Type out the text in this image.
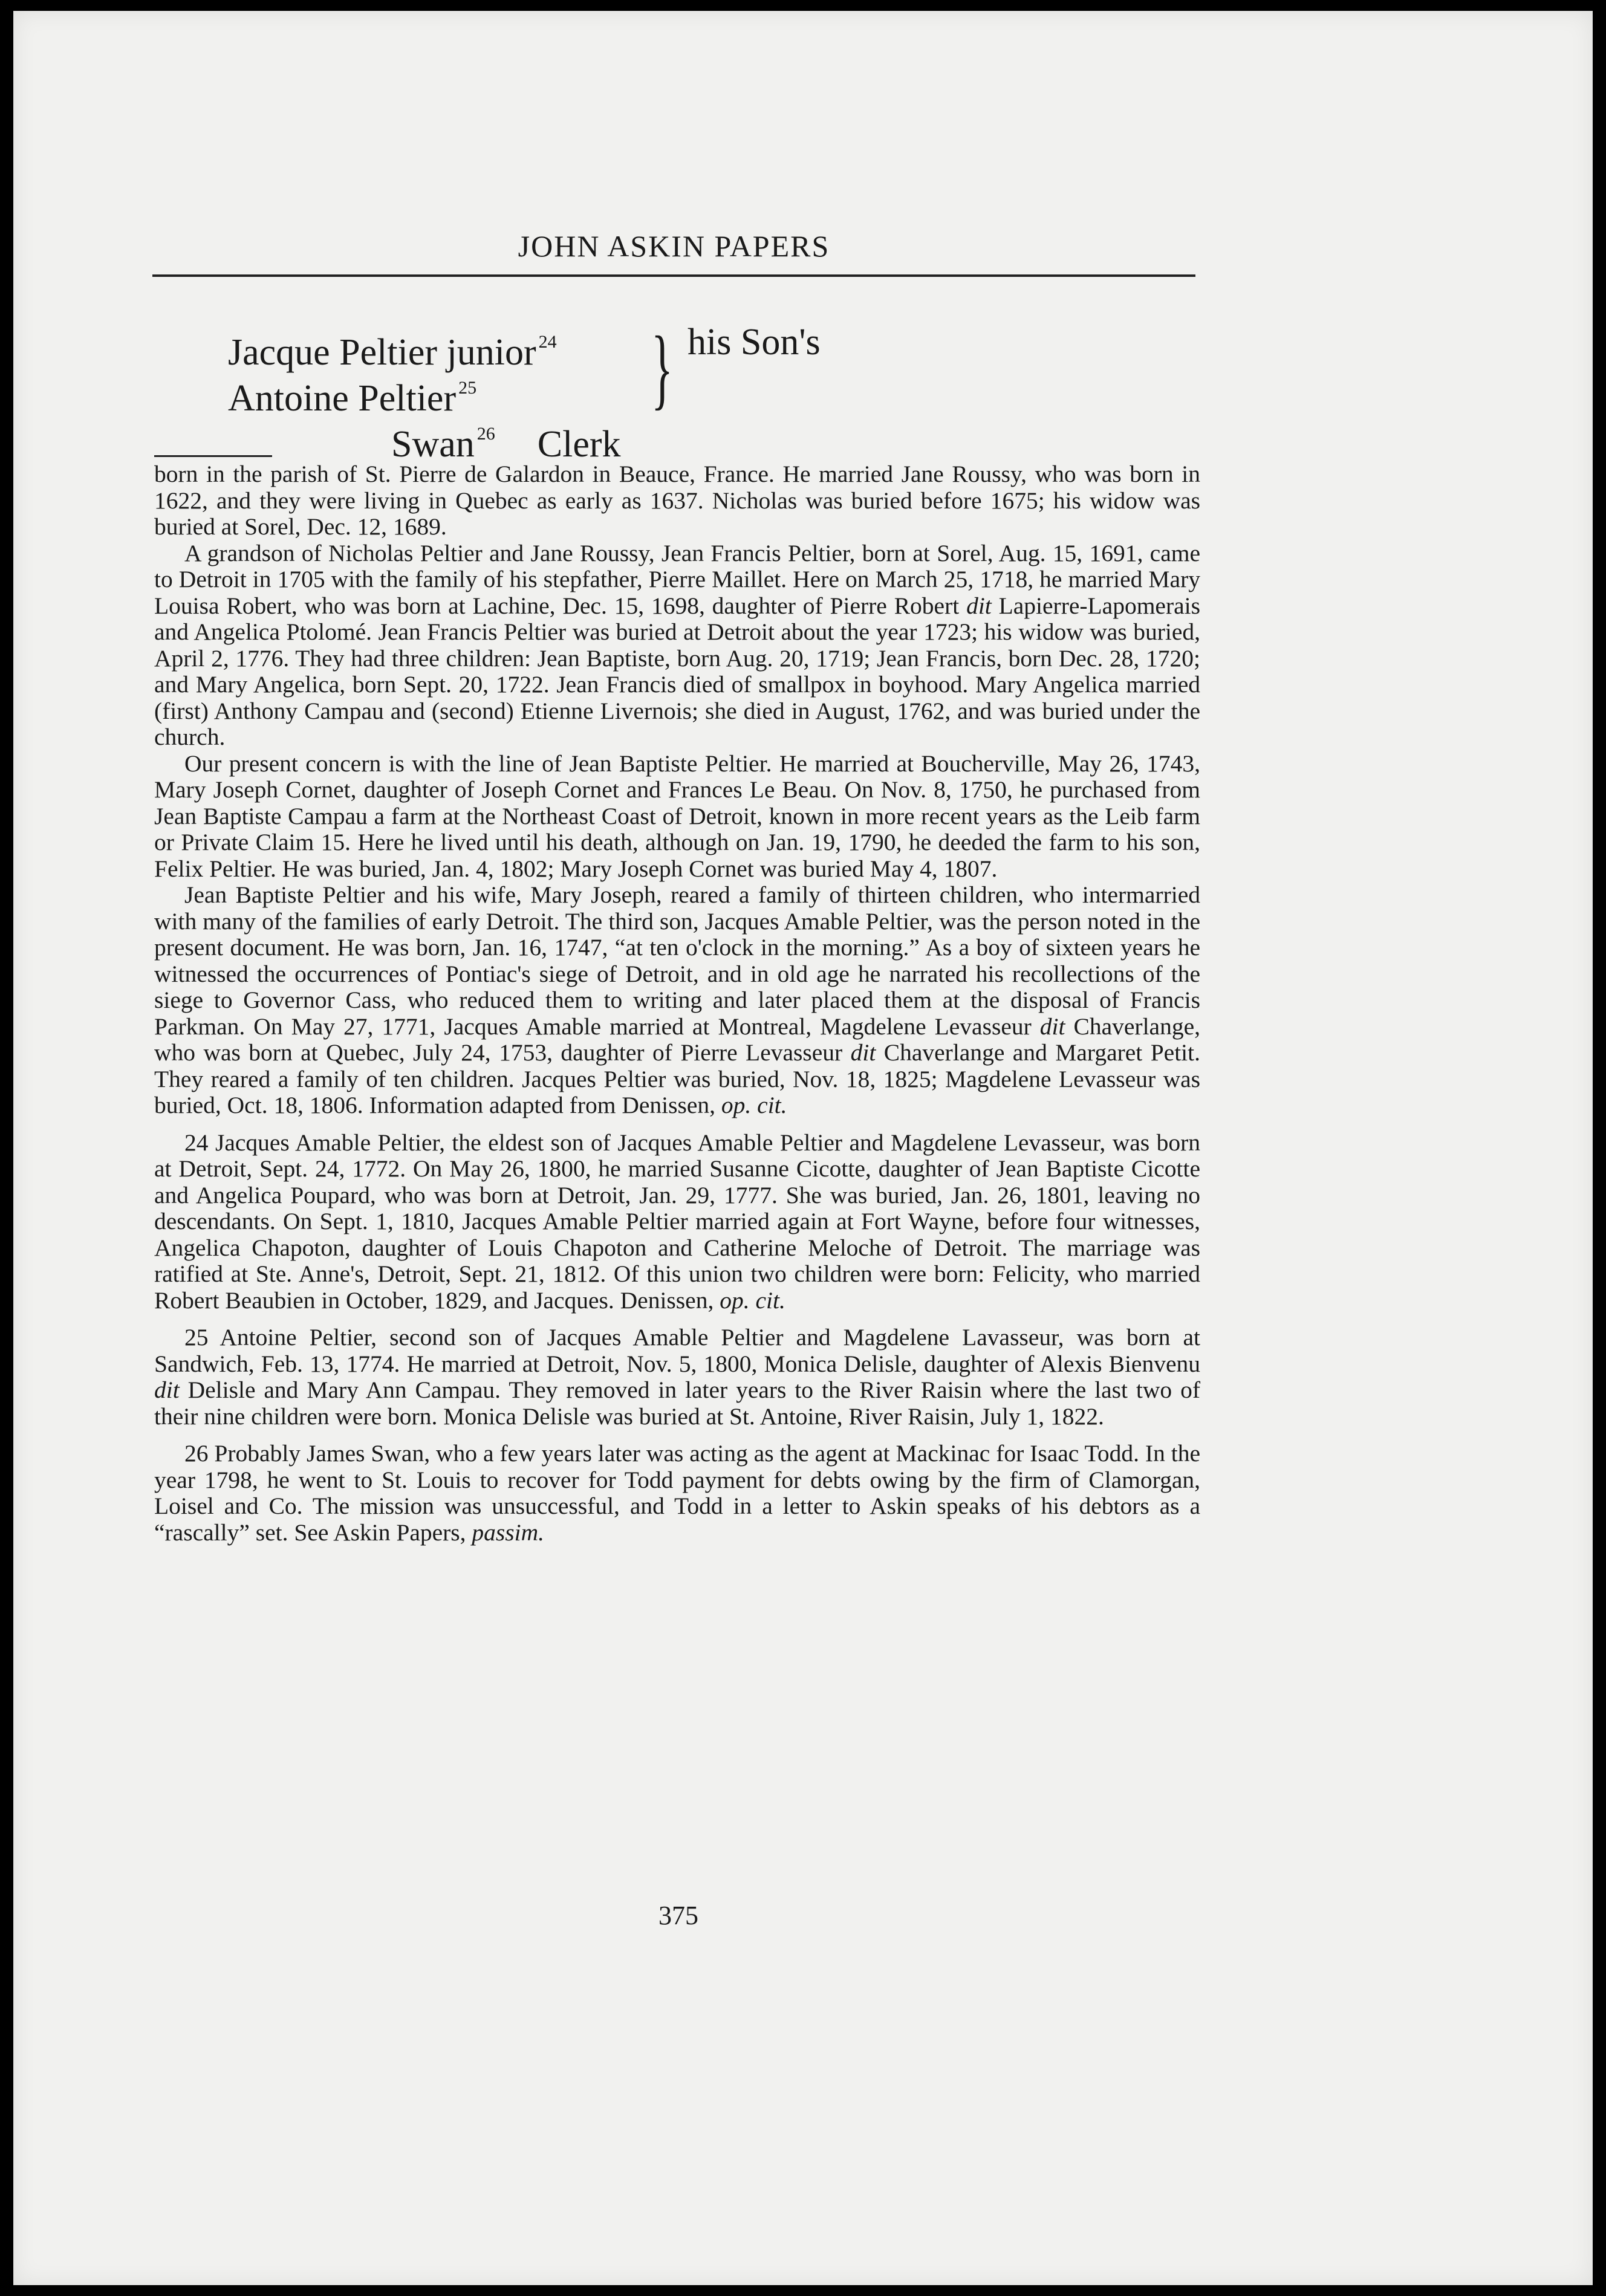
JOHN ASKIN PAPERS
Jacque Peltier junior $^{24}$ } his Son's
Antoine Peltier $^{25}$
Swan $^{26}$ Clerk

born in the parish of St. Pierre de Galardon in Beauce, France. He married Jane Roussy, who was born in 1622, and they were living in Quebec as early as 1637. Nicholas was buried before 1675; his widow was buried at Sorel, Dec. 12, 1689.

A grandson of Nicholas Peltier and Jane Roussy, Jean Francis Peltier, born at Sorel, Aug. 15, 1691, came to Detroit in 1705 with the family of his stepfather, Pierre Maillet. Here on March 25, 1718, he married Mary Louisa Robert, who was born at Lachine, Dec. 15, 1698, daughter of Pierre Robert dit Lapierre-Lapomerais and Angelica Ptolomé. Jean Francis Peltier was buried at Detroit about the year 1723; his widow was buried, April 2, 1776. They had three children: Jean Baptiste, born Aug. 20, 1719; Jean Francis, born Dec. 28, 1720; and Mary Angelica, born Sept. 20, 1722. Jean Francis died of smallpox in boyhood. Mary Angelica married (first) Anthony Campau and (second) Etienne Livernois; she died in August, 1762, and was buried under the church.

Our present concern is with the line of Jean Baptiste Peltier. He married at Boucherville, May 26, 1743, Mary Joseph Cornet, daughter of Joseph Cornet and Frances Le Beau. On Nov. 8, 1750, he purchased from Jean Baptiste Campau a farm at the Northeast Coast of Detroit, known in more recent years as the Leib farm or Private Claim 15. Here he lived until his death, although on Jan. 19, 1790, he deeded the farm to his son, Felix Peltier. He was buried, Jan. 4, 1802; Mary Joseph Cornet was buried May 4, 1807.

Jean Baptiste Peltier and his wife, Mary Joseph, reared a family of thirteen children, who intermarried with many of the families of early Detroit. The third son, Jacques Amable Peltier, was the person noted in the present document. He was born, Jan. 16, 1747, “at ten o'clock in the morning.” As a boy of sixteen years he witnessed the occurrences of Pontiac's siege of Detroit, and in old age he narrated his recollections of the siege to Governor Cass, who reduced them to writing and later placed them at the disposal of Francis Parkman. On May 27, 1771, Jacques Amable married at Montreal, Magdelene Levasseur dit Chaverlange, who was born at Quebec, July 24, 1753, daughter of Pierre Levasseur dit Chaverlange and Margaret Petit. They reared a family of ten children. Jacques Peltier was buried, Nov. 18, 1825; Magdelene Levasseur was buried, Oct. 18, 1806. Information adapted from Denissen, op. cit.

24 Jacques Amable Peltier, the eldest son of Jacques Amable Peltier and Magdelene Levasseur, was born at Detroit, Sept. 24, 1772. On May 26, 1800, he married Susanne Cicotte, daughter of Jean Baptiste Cicotte and Angelica Poupard, who was born at Detroit, Jan. 29, 1777. She was buried, Jan. 26, 1801, leaving no descendants. On Sept. 1, 1810, Jacques Amable Peltier married again at Fort Wayne, before four witnesses, Angelica Chapoton, daughter of Louis Chapoton and Catherine Meloche of Detroit. The marriage was ratified at Ste. Anne's, Detroit, Sept. 21, 1812. Of this union two children were born: Felicity, who married Robert Beaubien in October, 1829, and Jacques. Denissen, op. cit.

25 Antoine Peltier, second son of Jacques Amable Peltier and Magdelene Lavasseur, was born at Sandwich, Feb. 13, 1774. He married at Detroit, Nov. 5, 1800, Monica Delisle, daughter of Alexis Bienvenu dit Delisle and Mary Ann Campau. They removed in later years to the River Raisin where the last two of their nine children were born. Monica Delisle was buried at St. Antoine, River Raisin, July 1, 1822.

26 Probably James Swan, who a few years later was acting as the agent at Mackinac for Isaac Todd. In the year 1798, he went to St. Louis to recover for Todd payment for debts owing by the firm of Clamorgan, Loisel and Co. The mission was unsuccessful, and Todd in a letter to Askin speaks of his debtors as a “rascally” set. See Askin Papers, passim.

375
